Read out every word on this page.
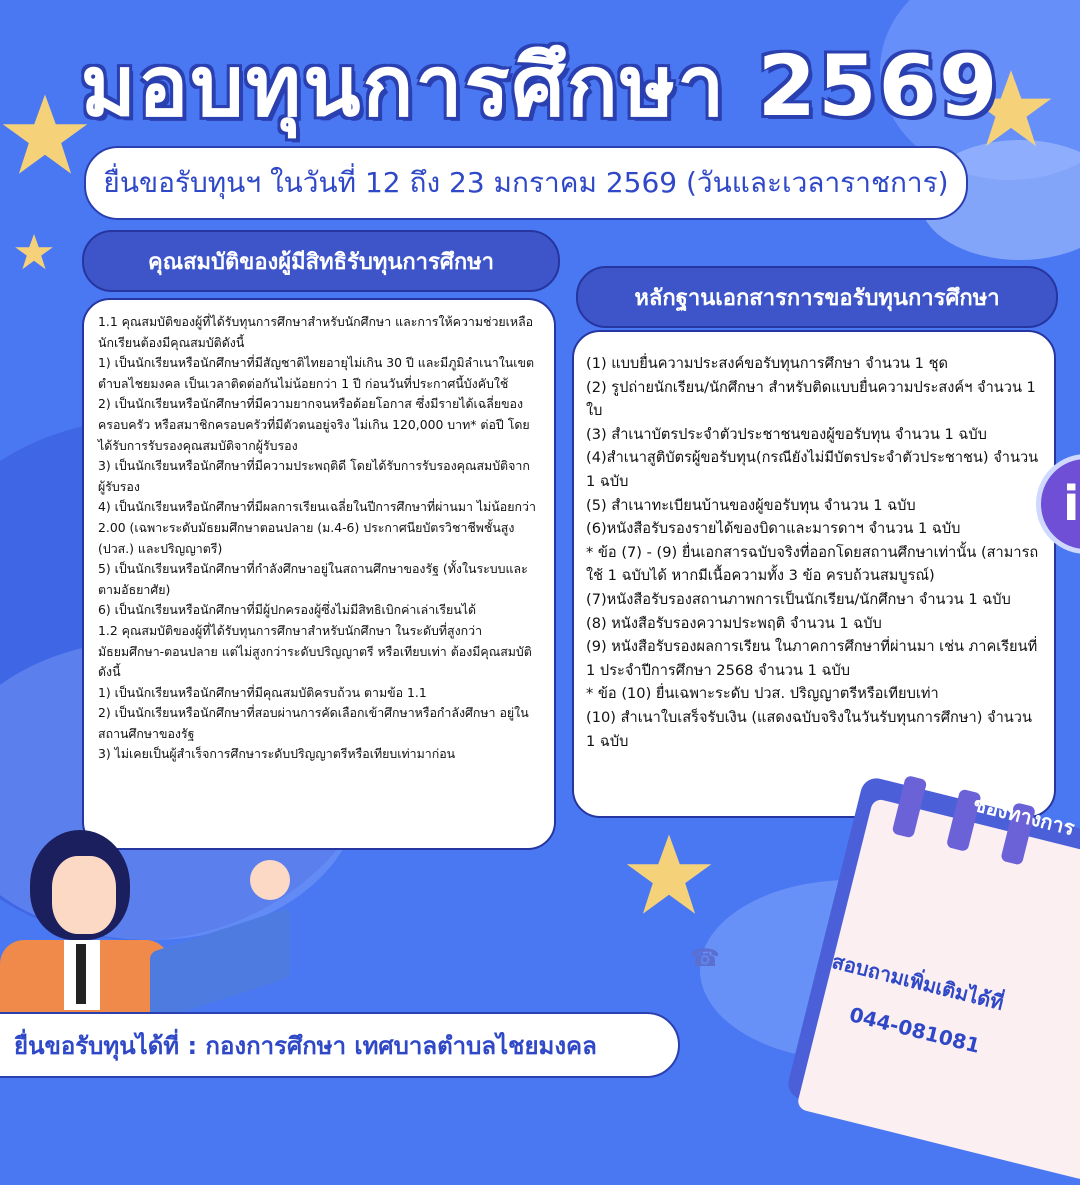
มอบทุนการศึกษา 2569
ยื่นขอรับทุนฯ ในวันที่ 12 ถึง 23 มกราคม 2569 (วันและเวลาราชการ)
คุณสมบัติของผู้มีสิทธิรับทุนการศึกษา

1.1 คุณสมบัติของผู้ที่ได้รับทุนการศึกษาสำหรับนักศึกษา และการให้ความช่วยเหลือนักเรียนต้องมีคุณสมบัติดังนี้

1) เป็นนักเรียนหรือนักศึกษาที่มีสัญชาติไทยอายุไม่เกิน 30 ปี และมีภูมิลำเนาในเขตตำบลไชยมงคล เป็นเวลาติดต่อกันไม่น้อยกว่า 1 ปี ก่อนวันที่ประกาศนี้บังคับใช้

2) เป็นนักเรียนหรือนักศึกษาที่มีความยากจนหรือด้อยโอกาส ซึ่งมีรายได้เฉลี่ยของครอบครัว หรือสมาชิกครอบครัวที่มีตัวตนอยู่จริง ไม่เกิน 120,000 บาท* ต่อปี โดยได้รับการรับรองคุณสมบัติจากผู้รับรอง

3) เป็นนักเรียนหรือนักศึกษาที่มีความประพฤติดี โดยได้รับการรับรองคุณสมบัติจากผู้รับรอง

4) เป็นนักเรียนหรือนักศึกษาที่มีผลการเรียนเฉลี่ยในปีการศึกษาที่ผ่านมา ไม่น้อยกว่า 2.00 (เฉพาะระดับมัธยมศึกษาตอนปลาย (ม.4-6) ประกาศนียบัตรวิชาชีพชั้นสูง (ปวส.) และปริญญาตรี)

5) เป็นนักเรียนหรือนักศึกษาที่กำลังศึกษาอยู่ในสถานศึกษาของรัฐ (ทั้งในระบบและตามอัธยาศัย)

6) เป็นนักเรียนหรือนักศึกษาที่มีผู้ปกครองผู้ซึ่งไม่มีสิทธิเบิกค่าเล่าเรียนได้

1.2 คุณสมบัติของผู้ที่ได้รับทุนการศึกษาสำหรับนักศึกษา ในระดับที่สูงกว่ามัธยมศึกษา-ตอนปลาย แต่ไม่สูงกว่าระดับปริญญาตรี หรือเทียบเท่า ต้องมีคุณสมบัติ ดังนี้

1) เป็นนักเรียนหรือนักศึกษาที่มีคุณสมบัติครบถ้วน ตามข้อ 1.1

2) เป็นนักเรียนหรือนักศึกษาที่สอบผ่านการคัดเลือกเข้าศึกษาหรือกำลังศึกษา อยู่ในสถานศึกษาของรัฐ

3) ไม่เคยเป็นผู้สำเร็จการศึกษาระดับปริญญาตรีหรือเทียบเท่ามาก่อน

หลักฐานเอกสารการขอรับทุนการศึกษา

(1) แบบยื่นความประสงค์ขอรับทุนการศึกษา จำนวน 1 ชุด

(2) รูปถ่ายนักเรียน/นักศึกษา สำหรับติดแบบยื่นความประสงค์ฯ จำนวน 1 ใบ

(3) สำเนาบัตรประจำตัวประชาชนของผู้ขอรับทุน จำนวน 1 ฉบับ

(4)สำเนาสูติบัตรผู้ขอรับทุน(กรณียังไม่มีบัตรประจำตัวประชาชน) จำนวน 1 ฉบับ

(5) สำเนาทะเบียนบ้านของผู้ขอรับทุน จำนวน 1 ฉบับ

(6)หนังสือรับรองรายได้ของบิดาและมารดาฯ จำนวน 1 ฉบับ

* ข้อ (7) - (9) ยื่นเอกสารฉบับจริงที่ออกโดยสถานศึกษาเท่านั้น (สามารถใช้ 1 ฉบับได้ หากมีเนื้อความทั้ง 3 ข้อ ครบถ้วนสมบูรณ์)

(7)หนังสือรับรองสถานภาพการเป็นนักเรียน/นักศึกษา จำนวน 1 ฉบับ

(8) หนังสือรับรองความประพฤติ จำนวน 1 ฉบับ

(9) หนังสือรับรองผลการเรียน ในภาคการศึกษาที่ผ่านมา เช่น ภาคเรียนที่ 1 ประจำปีการศึกษา 2568 จำนวน 1 ฉบับ

* ข้อ (10) ยื่นเฉพาะระดับ ปวส. ปริญญาตรีหรือเทียบเท่า

(10) สำเนาใบเสร็จรับเงิน (แสดงฉบับจริงในวันรับทุนการศึกษา) จำนวน 1 ฉบับ

i
ช่องทางการ
☎	สอบถามเพิ่มเติมได้ที่
044-081081
ยื่นขอรับทุนได้ที่ : กองการศึกษา เทศบาลตำบลไชยมงคล
